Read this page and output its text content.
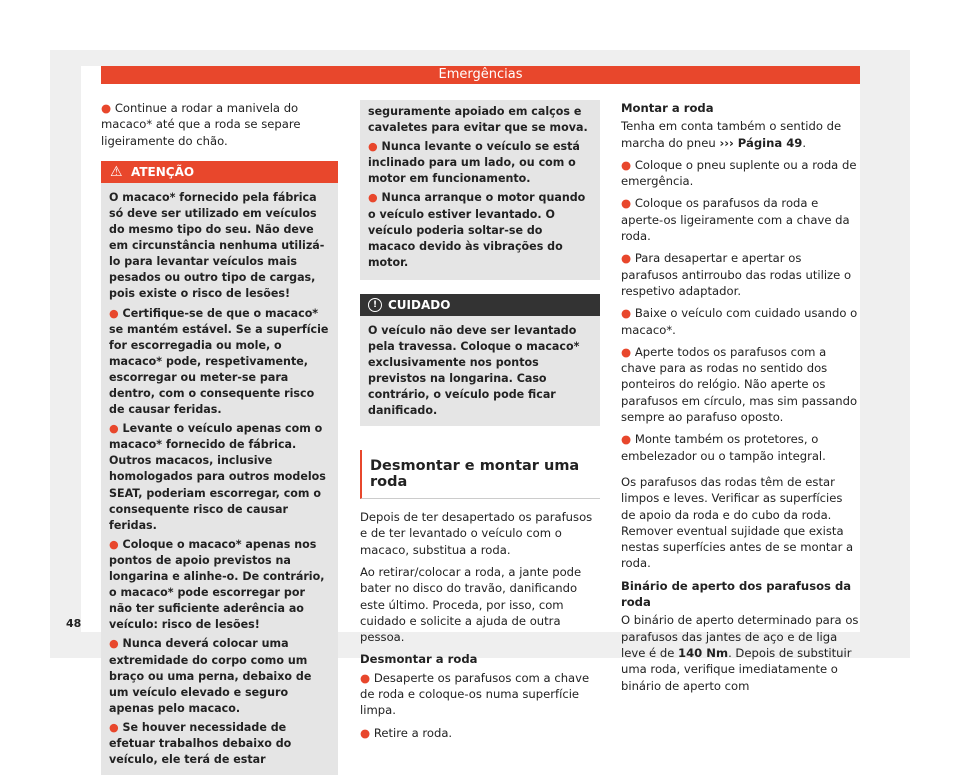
Emergências

● Continue a rodar a manivela do macaco* até que a roda se separe ligeiramente do chão.

⚠ ATENÇÃO

O macaco* fornecido pela fábrica só deve ser utilizado em veículos do mesmo tipo do seu. Não deve em circunstância nenhuma utilizá-lo para levantar veículos mais pesados ou outro tipo de cargas, pois existe o risco de lesões!

● Certifique-se de que o macaco* se mantém estável. Se a superfície for escorregadia ou mole, o macaco* pode, respetivamente, escorregar ou meter-se para dentro, com o consequente risco de causar feridas.

● Levante o veículo apenas com o macaco* fornecido de fábrica. Outros macacos, inclusive homologados para outros modelos SEAT, poderiam escorregar, com o consequente risco de causar feridas.

● Coloque o macaco* apenas nos pontos de apoio previstos na longarina e alinhe-o. De contrário, o macaco* pode escorregar por não ter suficiente aderência ao veículo: risco de lesões!

● Nunca deverá colocar uma extremidade do corpo como um braço ou uma perna, debaixo de um veículo elevado e seguro apenas pelo macaco.

● Se houver necessidade de efetuar trabalhos debaixo do veículo, ele terá de estar

seguramente apoiado em calços e cavaletes para evitar que se mova.

● Nunca levante o veículo se está inclinado para um lado, ou com o motor em funcionamento.

● Nunca arranque o motor quando o veículo estiver levantado. O veículo poderia soltar-se do macaco devido às vibrações do motor.

! CUIDADO
O veículo não deve ser levantado pela travessa. Coloque o macaco* exclusivamente nos pontos previstos na longarina. Caso contrário, o veículo pode ficar danificado.
Desmontar e montar uma roda

Depois de ter desapertado os parafusos e de ter levantado o veículo com o macaco, substitua a roda.

Ao retirar/colocar a roda, a jante pode bater no disco do travão, danificando este último. Proceda, por isso, com cuidado e solicite a ajuda de outra pessoa.

Desmontar a roda

● Desaperte os parafusos com a chave de roda e coloque-os numa superfície limpa.

● Retire a roda.

Montar a roda

Tenha em conta também o sentido de marcha do pneu ››› Página 49.

● Coloque o pneu suplente ou a roda de emergência.

● Coloque os parafusos da roda e aperte-os ligeiramente com a chave da roda.

● Para desapertar e apertar os parafusos antirroubo das rodas utilize o respetivo adaptador.

● Baixe o veículo com cuidado usando o macaco*.

● Aperte todos os parafusos com a chave para as rodas no sentido dos ponteiros do relógio. Não aperte os parafusos em círculo, mas sim passando sempre ao parafuso oposto.

● Monte também os protetores, o embelezador ou o tampão integral.

Os parafusos das rodas têm de estar limpos e leves. Verificar as superfícies de apoio da roda e do cubo da roda. Remover eventual sujidade que exista nestas superfícies antes de se montar a roda.

Binário de aperto dos parafusos da roda

O binário de aperto determinado para os parafusos das jantes de aço e de liga leve é de 140 Nm. Depois de substituir uma roda, verifique imediatamente o binário de aperto com

48
